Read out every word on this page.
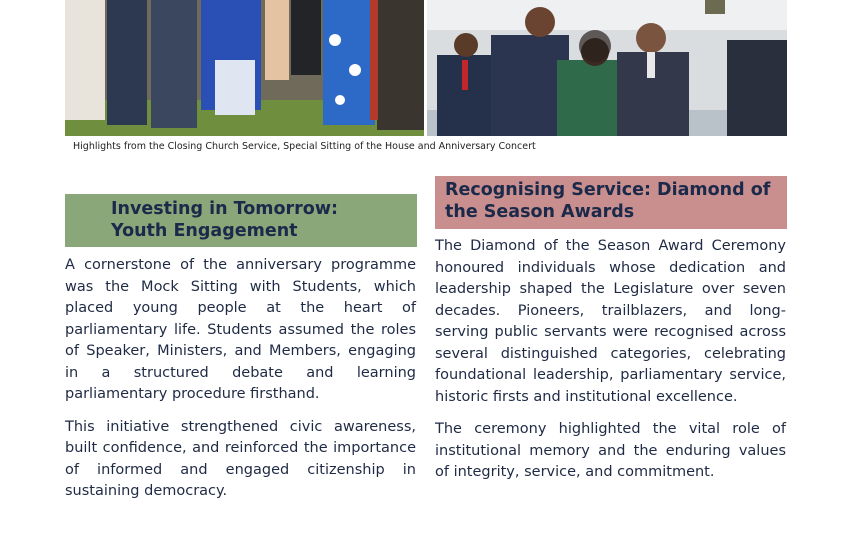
Highlights from the Closing Church Service, Special Sitting of the House and Anniversary Concert
Investing in Tomorrow:
Youth Engagement
Recognising Service: Diamond of
the Season Awards

A cornerstone of the anniversary programme was the Mock Sitting with Students, which placed young people at the heart of parliamentary life. Students assumed the roles of Speaker, Ministers, and Members, engaging in a structured debate and learning parliamentary procedure firsthand.

This initiative strengthened civic awareness, built confidence, and reinforced the importance of informed and engaged citizenship in sustaining democracy.

The Diamond of the Season Award Ceremony honoured individuals whose dedication and leadership shaped the Legislature over seven decades. Pioneers, trailblazers, and long-serving public servants were recognised across several distinguished categories, celebrating foundational leadership, parliamentary service, historic firsts and institutional excellence.

The ceremony highlighted the vital role of institutional memory and the enduring values of integrity, service, and commitment.
